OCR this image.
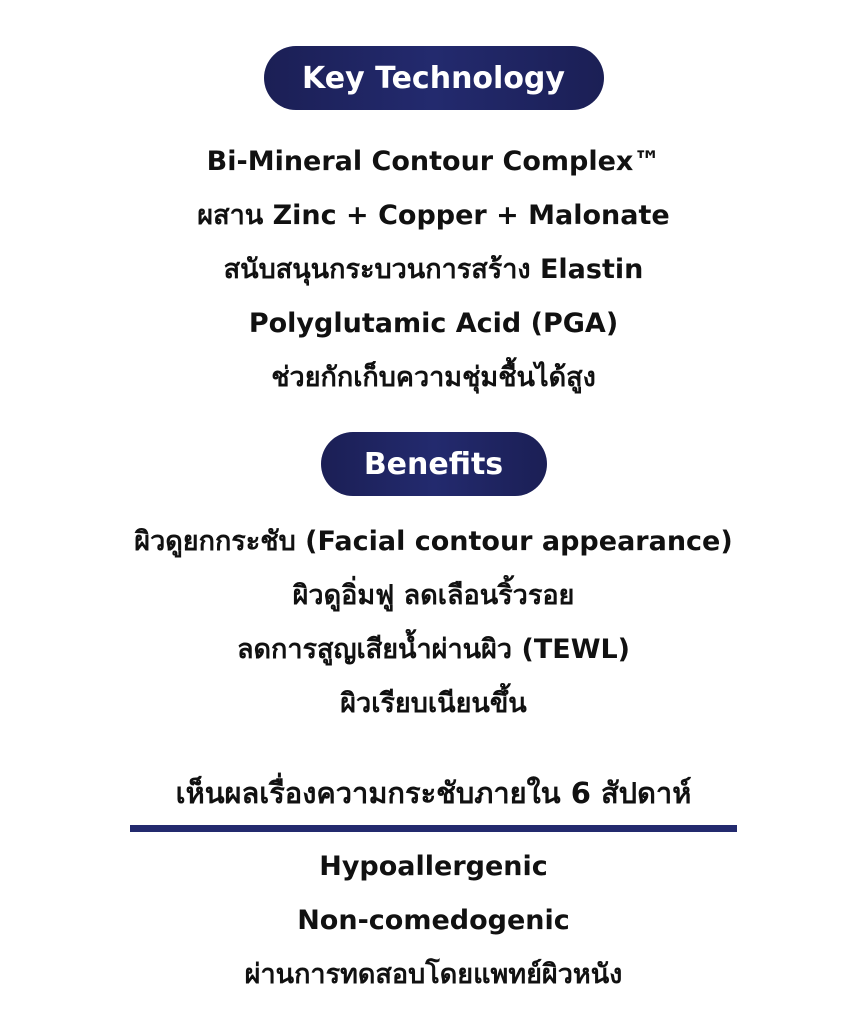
Key Technology
Bi-Mineral Contour Complex™
ผสาน Zinc + Copper + Malonate
สนับสนุนกระบวนการสร้าง Elastin
Polyglutamic Acid (PGA)
ช่วยกักเก็บความชุ่มชื้นได้สูง
Benefits
ผิวดูยกกระชับ (Facial contour appearance)
ผิวดูอิ่มฟู ลดเลือนริ้วรอย
ลดการสูญเสียน้ำผ่านผิว (TEWL)
ผิวเรียบเนียนขึ้น
เห็นผลเรื่องความกระชับภายใน 6 สัปดาห์
Hypoallergenic
Non-comedogenic
ผ่านการทดสอบโดยแพทย์ผิวหนัง
